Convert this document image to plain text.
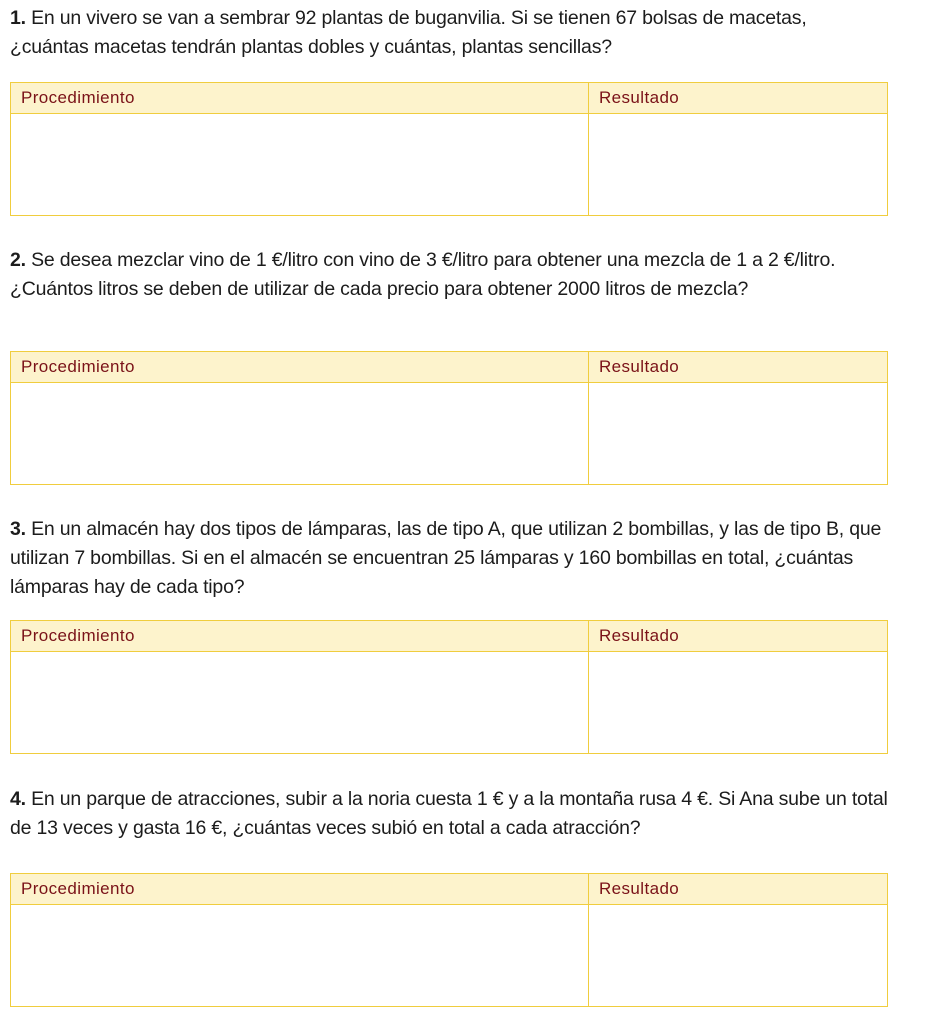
1. En un vivero se van a sembrar 92 plantas de buganvilia. Si se tienen 67 bolsas de macetas, ¿cuántas macetas tendrán plantas dobles y cuántas, plantas sencillas?
Procedimiento	Resultado
2. Se desea mezclar vino de 1 €/litro con vino de 3 €/litro para obtener una mezcla de 1 a 2 €/litro. ¿Cuántos litros se deben de utilizar de cada precio para obtener 2000 litros de mezcla?
Procedimiento	Resultado
3. En un almacén hay dos tipos de lámparas, las de tipo A, que utilizan 2 bombillas, y las de tipo B, que utilizan 7 bombillas. Si en el almacén se encuentran 25 lámparas y 160 bombillas en total, ¿cuántas lámparas hay de cada tipo?
Procedimiento	Resultado
4. En un parque de atracciones, subir a la noria cuesta 1 € y a la montaña rusa 4 €. Si Ana sube un total de 13 veces y gasta 16 €, ¿cuántas veces subió en total a cada atracción?
Procedimiento	Resultado
